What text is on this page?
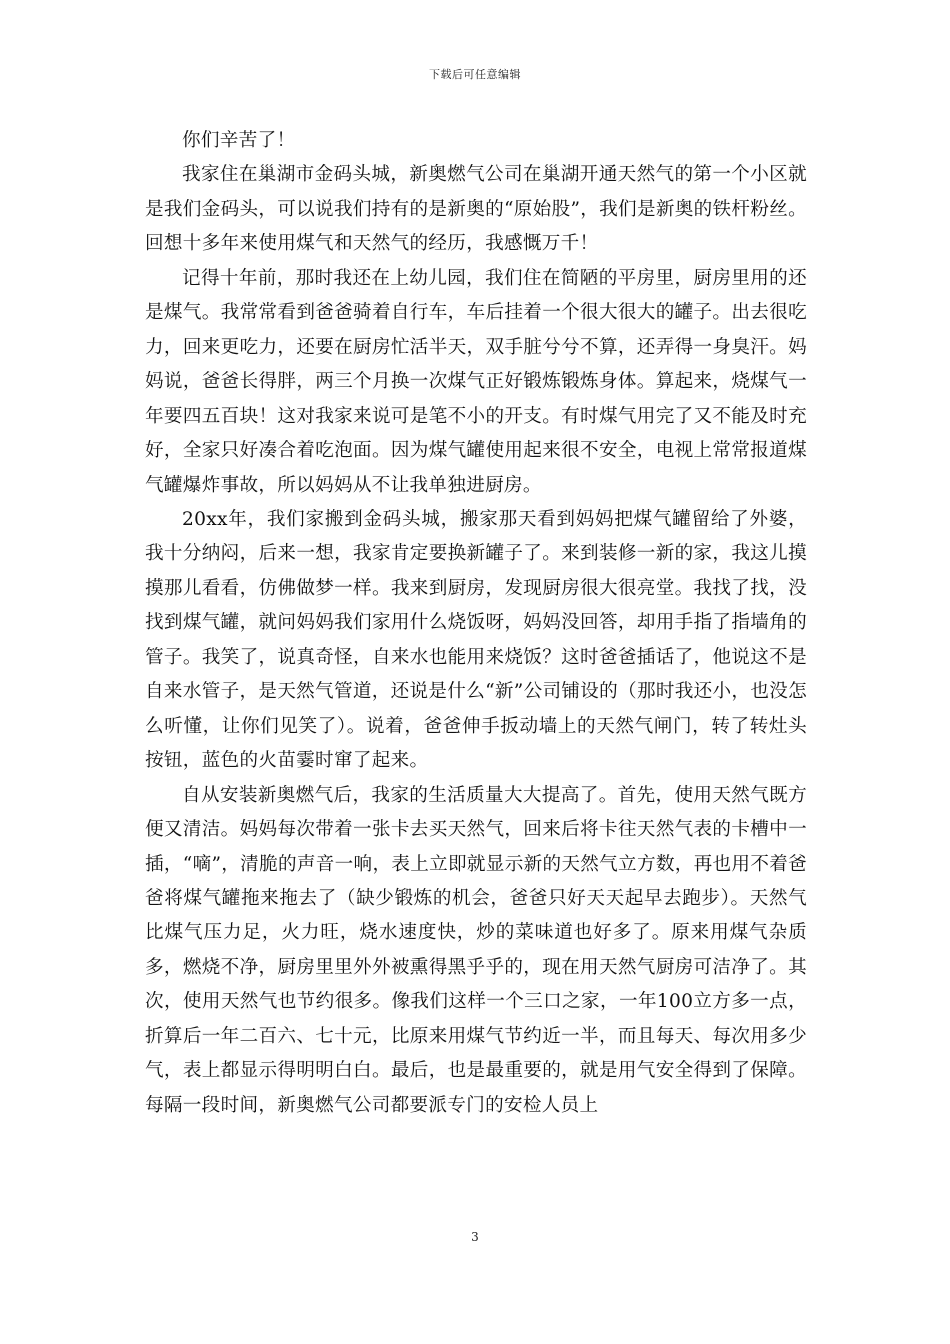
下载后可任意编辑

你们辛苦了！

我家住在巢湖市金码头城，新奥燃气公司在巢湖开通天然气的第一个小区就是我们金码头，可以说我们持有的是新奥的“原始股”，我们是新奥的铁杆粉丝。回想十多年来使用煤气和天然气的经历，我感慨万千！

记得十年前，那时我还在上幼儿园，我们住在简陋的平房里，厨房里用的还是煤气。我常常看到爸爸骑着自行车，车后挂着一个很大很大的罐子。出去很吃力，回来更吃力，还要在厨房忙活半天，双手脏兮兮不算，还弄得一身臭汗。妈妈说，爸爸长得胖，两三个月换一次煤气正好锻炼锻炼身体。算起来，烧煤气一年要四五百块！这对我家来说可是笔不小的开支。有时煤气用完了又不能及时充好，全家只好凑合着吃泡面。因为煤气罐使用起来很不安全，电视上常常报道煤气罐爆炸事故，所以妈妈从不让我单独进厨房。

20xx年，我们家搬到金码头城，搬家那天看到妈妈把煤气罐留给了外婆，我十分纳闷，后来一想，我家肯定要换新罐子了。来到装修一新的家，我这儿摸摸那儿看看，仿佛做梦一样。我来到厨房，发现厨房很大很亮堂。我找了找，没找到煤气罐，就问妈妈我们家用什么烧饭呀，妈妈没回答，却用手指了指墙角的管子。我笑了，说真奇怪，自来水也能用来烧饭？这时爸爸插话了，他说这不是自来水管子，是天然气管道，还说是什么“新”公司铺设的（那时我还小，也没怎么听懂，让你们见笑了）。说着，爸爸伸手扳动墙上的天然气闸门，转了转灶头按钮，蓝色的火苗霎时窜了起来。

自从安装新奥燃气后，我家的生活质量大大提高了。首先，使用天然气既方便又清洁。妈妈每次带着一张卡去买天然气，回来后将卡往天然气表的卡槽中一插，“嘀”，清脆的声音一响，表上立即就显示新的天然气立方数，再也用不着爸爸将煤气罐拖来拖去了（缺少锻炼的机会，爸爸只好天天起早去跑步）。天然气比煤气压力足，火力旺，烧水速度快，炒的菜味道也好多了。原来用煤气杂质多，燃烧不净，厨房里里外外被熏得黑乎乎的，现在用天然气厨房可洁净了。其次，使用天然气也节约很多。像我们这样一个三口之家，一年100立方多一点，折算后一年二百六、七十元，比原来用煤气节约近一半，而且每天、每次用多少气，表上都显示得明明白白。最后，也是最重要的，就是用气安全得到了保障。每隔一段时间，新奥燃气公司都要派专门的安检人员上

3
